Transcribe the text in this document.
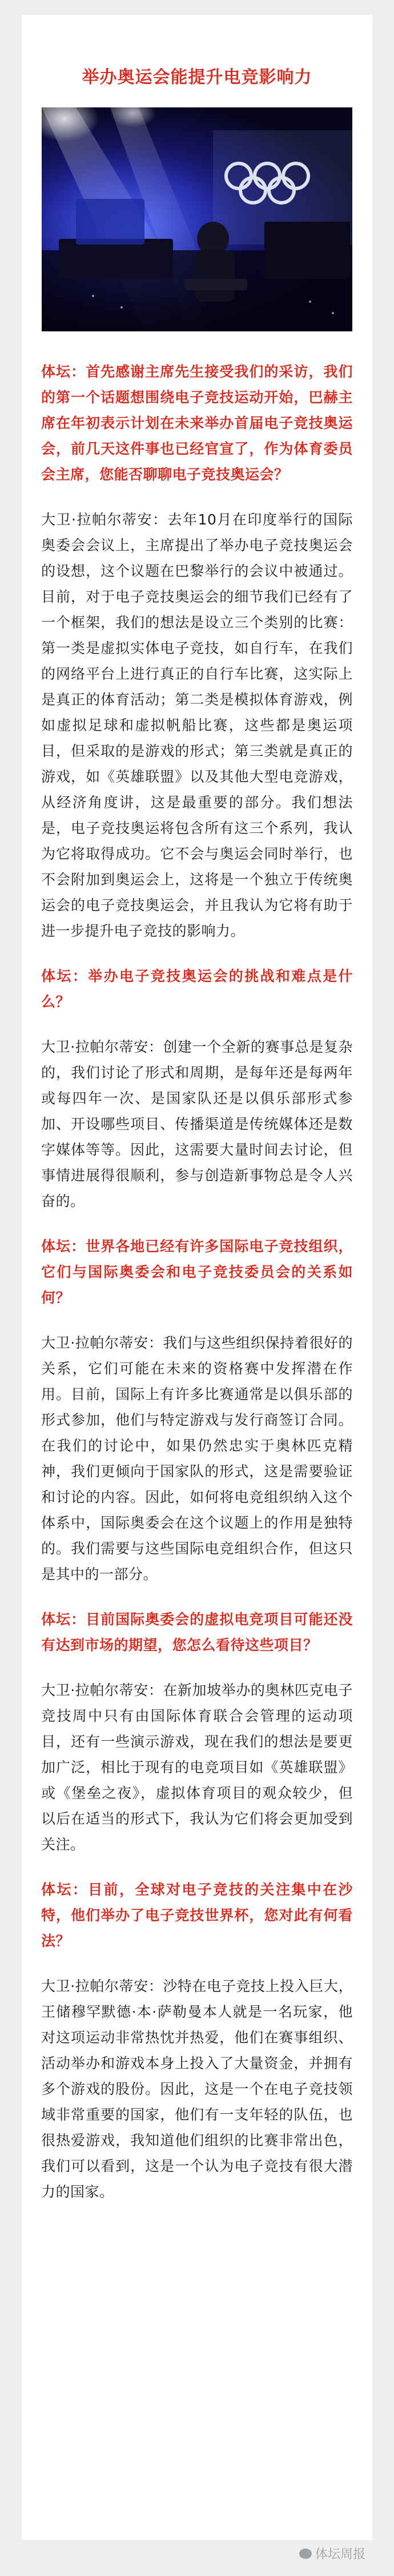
举办奥运会能提升电竞影响力
体坛：首先感谢主席先生接受我们的采访，我们的第一个话题想围绕电子竞技运动开始，巴赫主席在年初表示计划在未来举办首届电子竞技奥运会，前几天这件事也已经官宣了，作为体育委员会主席，您能否聊聊电子竞技奥运会？
大卫·拉帕尔蒂安：去年10月在印度举行的国际奥委会会议上，主席提出了举办电子竞技奥运会的设想，这个议题在巴黎举行的会议中被通过。目前，对于电子竞技奥运会的细节我们已经有了一个框架，我们的想法是设立三个类别的比赛：第一类是虚拟实体电子竞技，如自行车，在我们的网络平台上进行真正的自行车比赛，这实际上是真正的体育活动；第二类是模拟体育游戏，例如虚拟足球和虚拟帆船比赛，这些都是奥运项目，但采取的是游戏的形式；第三类就是真正的游戏，如《英雄联盟》以及其他大型电竞游戏，从经济角度讲，这是最重要的部分。我们想法是，电子竞技奥运将包含所有这三个系列，我认为它将取得成功。它不会与奥运会同时举行，也不会附加到奥运会上，这将是一个独立于传统奥运会的电子竞技奥运会，并且我认为它将有助于进一步提升电子竞技的影响力。
体坛：举办电子竞技奥运会的挑战和难点是什么？
大卫·拉帕尔蒂安：创建一个全新的赛事总是复杂的，我们讨论了形式和周期，是每年还是每两年或每四年一次、是国家队还是以俱乐部形式参加、开设哪些项目、传播渠道是传统媒体还是数字媒体等等。因此，这需要大量时间去讨论，但事情进展得很顺利，参与创造新事物总是令人兴奋的。
体坛：世界各地已经有许多国际电子竞技组织，它们与国际奥委会和电子竞技委员会的关系如何？
大卫·拉帕尔蒂安：我们与这些组织保持着很好的关系，它们可能在未来的资格赛中发挥潜在作用。目前，国际上有许多比赛通常是以俱乐部的形式参加，他们与特定游戏与发行商签订合同。在我们的讨论中，如果仍然忠实于奥林匹克精神，我们更倾向于国家队的形式，这是需要验证和讨论的内容。因此，如何将电竞组织纳入这个体系中，国际奥委会在这个议题上的作用是独特的。我们需要与这些国际电竞组织合作，但这只是其中的一部分。
体坛：目前国际奥委会的虚拟电竞项目可能还没有达到市场的期望，您怎么看待这些项目？
大卫·拉帕尔蒂安：在新加坡举办的奥林匹克电子竞技周中只有由国际体育联合会管理的运动项目，还有一些演示游戏，现在我们的想法是要更加广泛，相比于现有的电竞项目如《英雄联盟》或《堡垒之夜》，虚拟体育项目的观众较少，但以后在适当的形式下，我认为它们将会更加受到关注。
体坛：目前，全球对电子竞技的关注集中在沙特，他们举办了电子竞技世界杯，您对此有何看法？
大卫·拉帕尔蒂安：沙特在电子竞技上投入巨大，王储穆罕默德·本·萨勒曼本人就是一名玩家，他对这项运动非常热忱并热爱，他们在赛事组织、活动举办和游戏本身上投入了大量资金，并拥有多个游戏的股份。因此，这是一个在电子竞技领域非常重要的国家，他们有一支年轻的队伍，也很热爱游戏，我知道他们组织的比赛非常出色，我们可以看到，这是一个认为电子竞技有很大潜力的国家。
体坛周报
